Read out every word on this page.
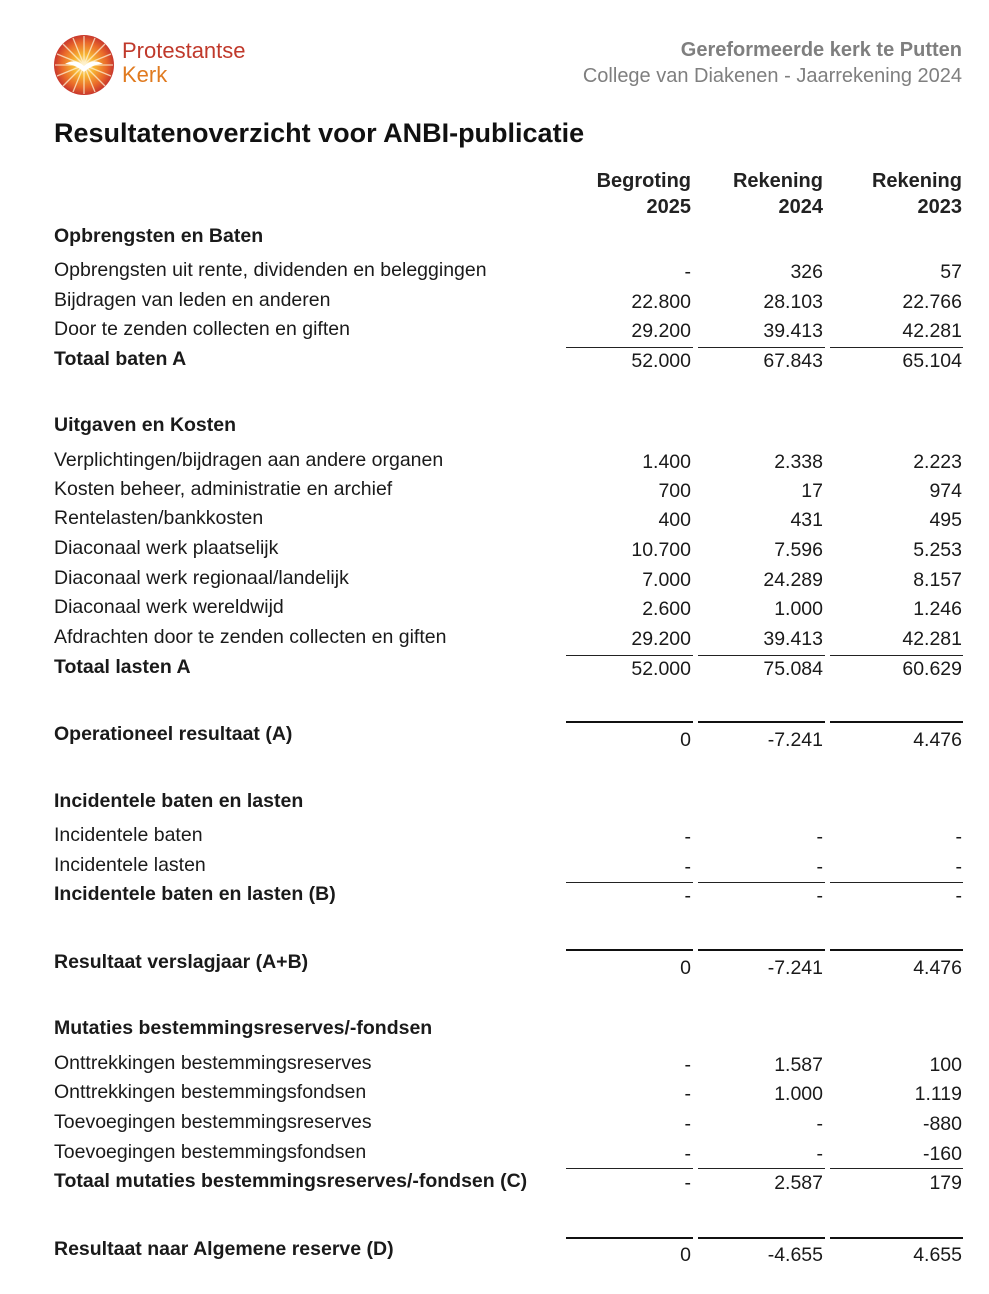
Protestantse
Kerk
Gereformeerde kerk te Putten
College van Diakenen - Jaarrekening 2024
Resultatenoverzicht voor ANBI-publicatie
Begroting
2025
Rekening
2024
Rekening
2023
Opbrengsten en Baten
Opbrengsten uit rente, dividenden en beleggingen	-	326	57
Bijdragen van leden en anderen	22.800	28.103	22.766
Door te zenden collecten en giften	29.200	39.413	42.281
Totaal baten A	52.000	67.843	65.104
Uitgaven en Kosten
Verplichtingen/bijdragen aan andere organen	1.400	2.338	2.223
Kosten beheer, administratie en archief	700	17	974
Rentelasten/bankkosten	400	431	495
Diaconaal werk plaatselijk	10.700	7.596	5.253
Diaconaal werk regionaal/landelijk	7.000	24.289	8.157
Diaconaal werk wereldwijd	2.600	1.000	1.246
Afdrachten door te zenden collecten en giften	29.200	39.413	42.281
Totaal lasten A	52.000	75.084	60.629
Operationeel resultaat (A)	0	-7.241	4.476
Incidentele baten en lasten
Incidentele baten	-	-	-
Incidentele lasten	-	-	-
Incidentele baten en lasten (B)	-	-	-
Resultaat verslagjaar (A+B)	0	-7.241	4.476
Mutaties bestemmingsreserves/-fondsen
Onttrekkingen bestemmingsreserves	-	1.587	100
Onttrekkingen bestemmingsfondsen	-	1.000	1.119
Toevoegingen bestemmingsreserves	-	-	-880
Toevoegingen bestemmingsfondsen	-	-	-160
Totaal mutaties bestemmingsreserves/-fondsen (C)	-	2.587	179
Resultaat naar Algemene reserve (D)	0	-4.655	4.655
